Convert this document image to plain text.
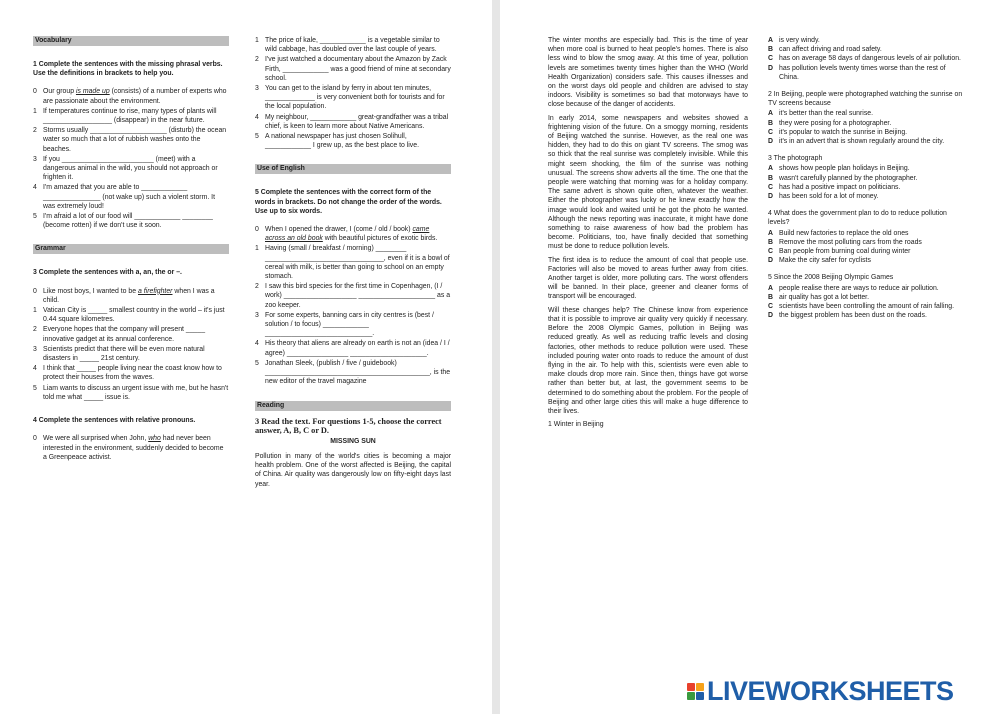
Vocabulary
1 Complete the sentences with the missing phrasal verbs. Use the definitions in brackets to help you.
0 Our group is made up (consists) of a number of experts who are passionate about the environment.
1 If temperatures continue to rise, many types of plants will __________________ (disappear) in the near future.
2 Storms usually ____________________ (disturb) the ocean water so much that a lot of rubbish washes onto the beaches.
3 If you ________________________ (meet) with a dangerous animal in the wild, you should not approach or frighten it.
4 I'm amazed that you are able to ____________ _______________ (not wake up) such a violent storm. It was extremely loud!
5 I'm afraid a lot of our food will ____________ ________ (become rotten) if we don't use it soon.
Grammar
3 Complete the sentences with a, an, the or –.
0 Like most boys, I wanted to be a firefighter when I was a child.
1 Vatican City is _____ smallest country in the world – it's just 0.44 square kilometres.
2 Everyone hopes that the company will present _____ innovative gadget at its annual conference.
3 Scientists predict that there will be even more natural disasters in _____ 21st century.
4 I think that _____ people living near the coast know how to protect their houses from the waves.
5 Liam wants to discuss an urgent issue with me, but he hasn't told me what _____ issue is.
4 Complete the sentences with relative pronouns.
0 We were all surprised when John, who had never been interested in the environment, suddenly decided to become a Greenpeace activist.
1 The price of kale, ____________ is a vegetable similar to wild cabbage, has doubled over the last couple of years.
2 I've just watched a documentary about the Amazon by Zack Firth, ____________ was a good friend of mine at secondary school.
3 You can get to the island by ferry in about ten minutes, _____________ is very convenient both for tourists and for the local population.
4 My neighbour, ____________ great-grandfather was a tribal chief, is keen to learn more about Native Americans.
5 A national newspaper has just chosen Solihull, ____________ I grew up, as the best place to live.
Use of English
5 Complete the sentences with the correct form of the words in brackets. Do not change the order of the words. Use up to six words.
0 When I opened the drawer, I (come / old / book) came across an old book with beautiful pictures of exotic birds.
1 Having (small / breakfast / morning) ________ _______________________________, even if it is a bowl of cereal with milk, is better than going to school on an empty stomach.
2 I saw this bird species for the first time in Copenhagen, (I / work) ___________________ ____________________ as a zoo keeper.
3 For some experts, banning cars in city centres is (best / solution / to focus) ____________ ____________________________.
4 His theory that aliens are already on earth is not an (idea / I / agree) ________________ ____________________.
5 Jonathan Sleek, (publish / five / guidebook) ___________________________________________, is the new editor of the travel magazine
Reading
3 Read the text. For questions 1-5, choose the correct answer, A, B, C or D.
MISSING SUN
Pollution in many of the world's cities is becoming a major health problem. One of the worst affected is Beijing, the capital of China. Air quality was dangerously low on fifty-eight days last year.
The winter months are especially bad. This is the time of year when more coal is burned to heat people's homes. There is also less wind to blow the smog away. At this time of year, pollution levels are sometimes twenty times higher than the WHO (World Health Organization) considers safe. This causes illnesses and on the worst days old people and children are advised to stay indoors. Visibility is sometimes so bad that motorways have to close because of the danger of accidents.
In early 2014, some newspapers and websites showed a frightening vision of the future. On a smoggy morning, residents of Beijing watched the sunrise. However, as the real one was hidden, they had to do this on giant TV screens. The smog was so thick that the real sunrise was completely invisible. While this might seem shocking, the film of the sunrise was nothing unusual. The screens show adverts all the time. The one that the people were watching that morning was for a holiday company. The same advert is shown quite often, whatever the weather. Either the photographer was lucky or he knew exactly how the image would look and waited until he got the photo he wanted. Although the news reporting was inaccurate, it might have done something to raise awareness of how bad the problem has become. Politicians, too, have finally decided that something must be done to reduce pollution levels.
The first idea is to reduce the amount of coal that people use. Factories will also be moved to areas further away from cities. Another target is older, more polluting cars. The worst offenders will be banned. In their place, greener and cleaner forms of transport will be encouraged.
Will these changes help? The Chinese know from experience that it is possible to improve air quality very quickly if necessary. Before the 2008 Olympic Games, pollution in Beijing was reduced greatly. As well as reducing traffic levels and closing factories, other methods to reduce pollution were used. These included pouring water onto roads to reduce the amount of dust flying in the air. To help with this, scientists were even able to make clouds drop more rain. Since then, things have got worse rather than better but, at last, the government seems to be determined to do something about the problem. For the people of Beijing and other large cities this will make a huge difference to their lives.
1 Winter in Beijing
A is very windy.
B can affect driving and road safety.
C has on average 58 days of dangerous levels of air pollution.
D has pollution levels twenty times worse than the rest of China.
2 In Beijing, people were photographed watching the sunrise on TV screens because
A it's better than the real sunrise.
B they were posing for a photographer.
C it's popular to watch the sunrise in Beijing.
D it's in an advert that is shown regularly around the city.
3 The photograph
A shows how people plan holidays in Beijing.
B wasn't carefully planned by the photographer.
C has had a positive impact on politicians.
D has been sold for a lot of money.
4 What does the government plan to do to reduce pollution levels?
A Build new factories to replace the old ones
B Remove the most polluting cars from the roads
C Ban people from burning coal during winter
D Make the city safer for cyclists
5 Since the 2008 Beijing Olympic Games
A people realise there are ways to reduce air pollution.
B air quality has got a lot better.
C scientists have been controlling the amount of rain falling.
D the biggest problem has been dust on the roads.
LIVEWORKSHEETS
